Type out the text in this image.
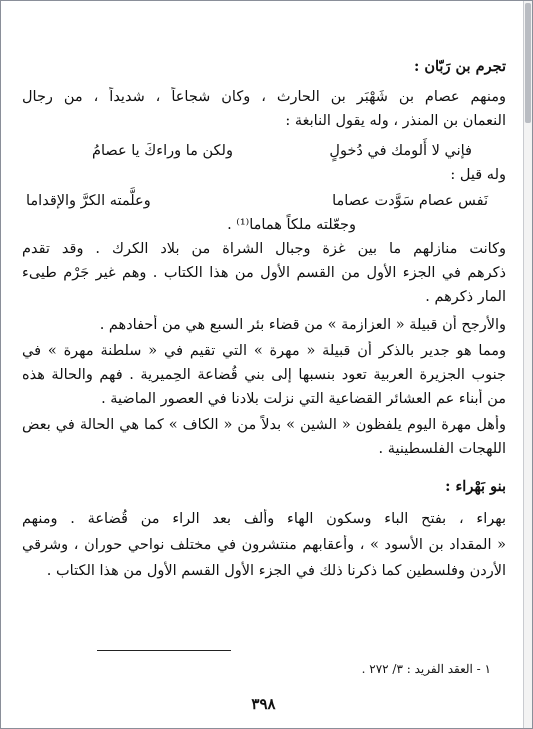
تجرم بن رَبّان :
ومنهم عصام بن شَهْبَر بن الحارث ، وكان شجاعاً ، شديداً ، من رجال
النعمان بن المنذر ، وله يقول النابغة :
فإني لا أَلومك في دُخولٍ
ولكن ما وراءكَ يا عصامُ
وله قيل :
نَفس عصام سَوَّدت عصاما
وعلَّمته الكرَّ والإقداما
وجعّلته ملكاً هماما⁽¹⁾ .
وكانت منازلهم ما بين غزة وجبال الشراة من بلاد الكرك . وقد تقدم
ذكرهم في الجزء الأول من القسم الأول من هذا الكتاب . وهم غير جَرْم طيىء
المار ذكرهم .
والأرجح أن قبيلة « العزازمة » من قضاء بئر السبع هي من أحفادهم .
ومما هو جدير بالذكر أن قبيلة « مهرة » التي تقيم في « سلطنة مهرة » في
جنوب الجزيرة العربية تعود بنسبها إلى بني قُضاعة الحِميرية . فهم والحالة هذه
من أبناء عم العشائر القضاعية التي نزلت بلادنا في العصور الماضية .
وأهل مهرة اليوم يلفظون « الشين » بدلاً من « الكاف » كما هي الحالة في بعض
اللهجات الفلسطينية .
بنو بَهْراء :
بهراء ، بفتح الباء وسكون الهاء وألف بعد الراء من قُضاعة . ومنهم
« المقداد بن الأسود » ، وأعقابهم منتشرون في مختلف نواحي حوران ، وشرقي
الأردن وفلسطين كما ذكرنا ذلك في الجزء الأول القسم الأول من هذا الكتاب .
١ - العقد الفريد : ٣/ ٢٧٢ .
٣٩٨
